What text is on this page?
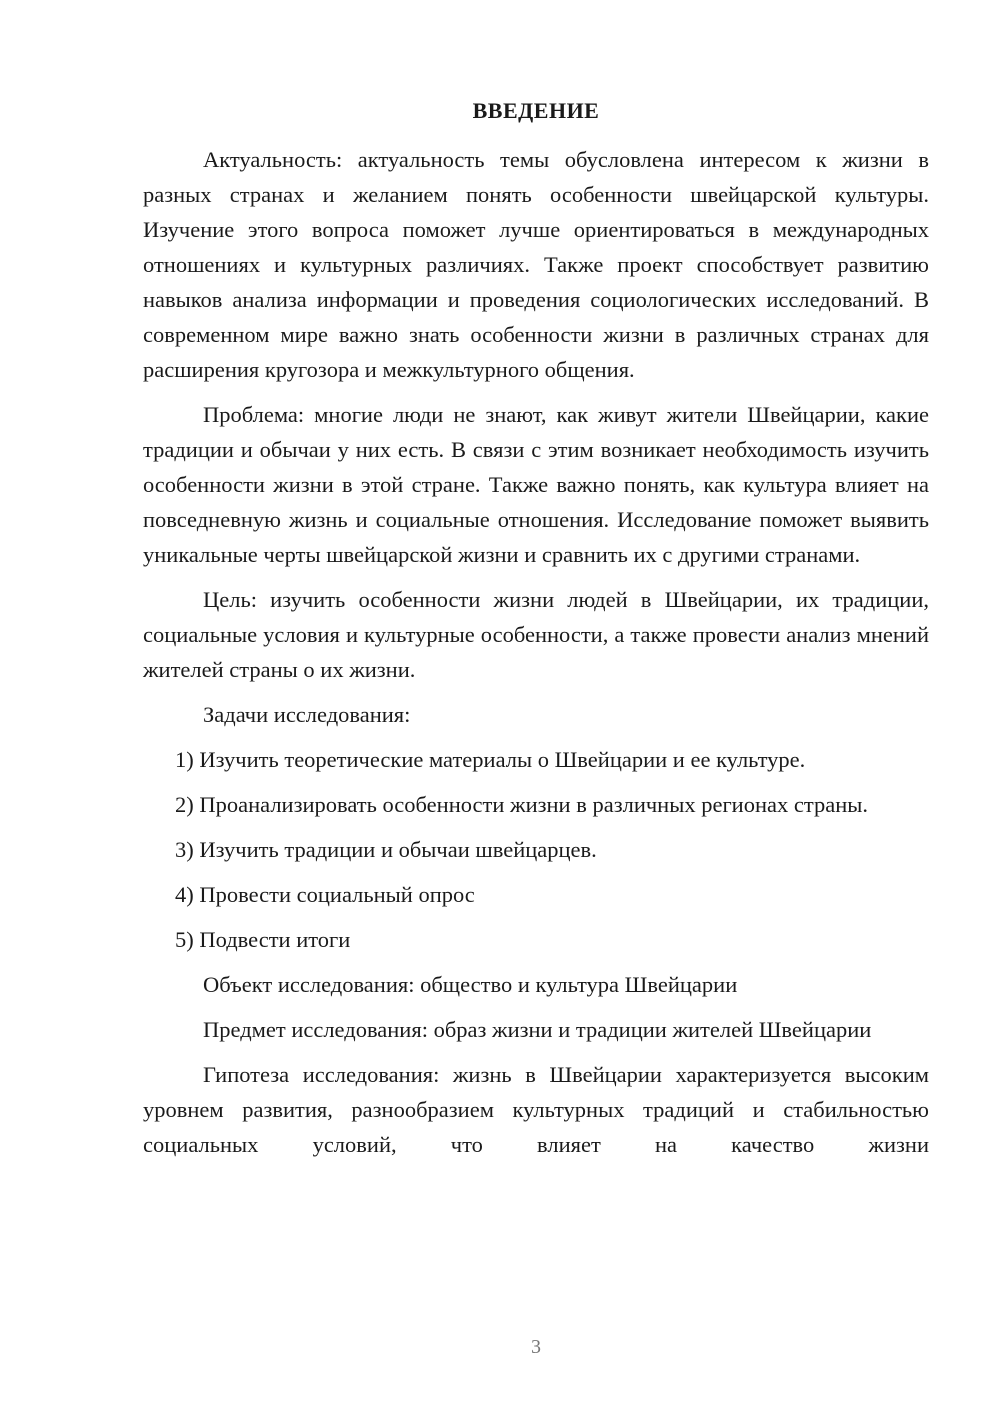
ВВЕДЕНИЕ

Актуальность: актуальность темы обусловлена интересом к жизни в разных странах и желанием понять особенности швейцарской культуры. Изучение этого вопроса поможет лучше ориентироваться в международных отношениях и культурных различиях. Также проект способствует развитию навыков анализа информации и проведения социологических исследований. В современном мире важно знать особенности жизни в различных странах для расширения кругозора и межкультурного общения.

Проблема: многие люди не знают, как живут жители Швейцарии, какие традиции и обычаи у них есть. В связи с этим возникает необходимость изучить особенности жизни в этой стране. Также важно понять, как культура влияет на повседневную жизнь и социальные отношения. Исследование поможет выявить уникальные черты швейцарской жизни и сравнить их с другими странами.

Цель: изучить особенности жизни людей в Швейцарии, их традиции, социальные условия и культурные особенности, а также провести анализ мнений жителей страны о их жизни.

Задачи исследования:

1) Изучить теоретические материалы о Швейцарии и ее культуре.

2) Проанализировать особенности жизни в различных регионах страны.

3) Изучить традиции и обычаи швейцарцев.

4) Провести социальный опрос

5) Подвести итоги

Объект исследования: общество и культура Швейцарии

Предмет исследования: образ жизни и традиции жителей Швейцарии

Гипотеза исследования: жизнь в Швейцарии характеризуется высоким уровнем развития, разнообразием культурных традиций и стабильностью социальных условий, что влияет на качество жизни

3
